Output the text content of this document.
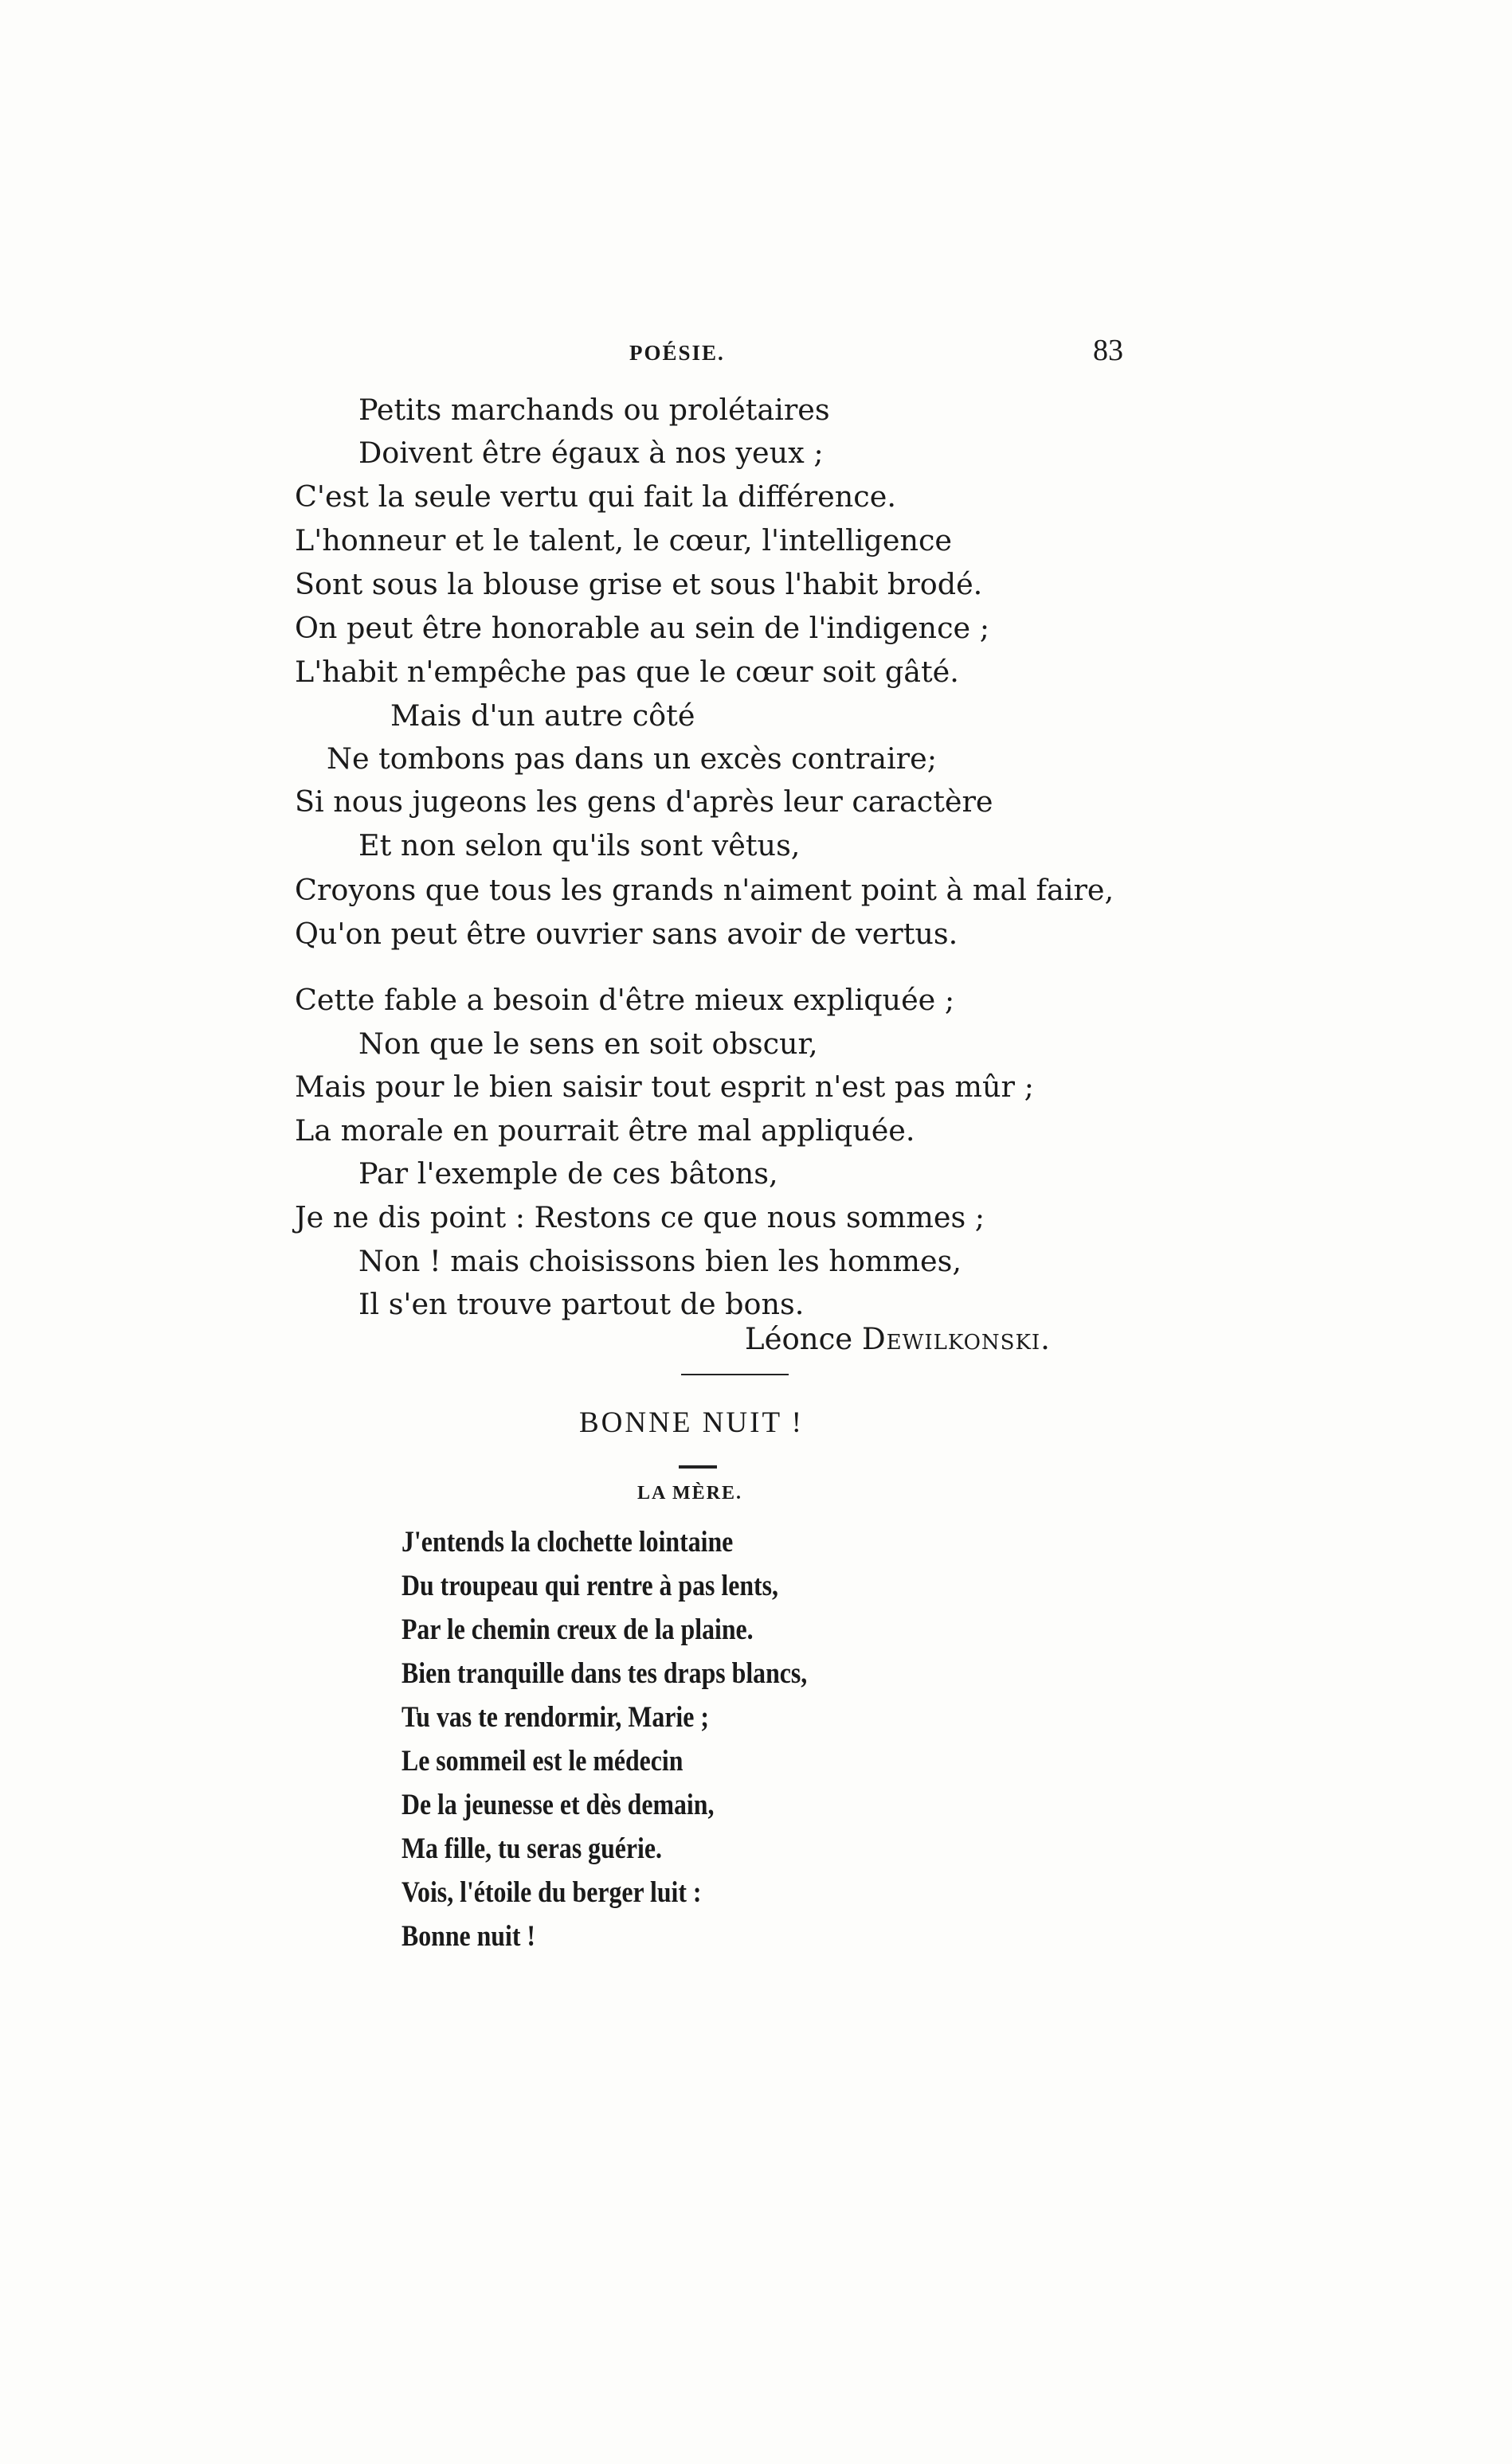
POÉSIE.	83
Petits marchands ou prolétaires
Doivent être égaux à nos yeux ;
C'est la seule vertu qui fait la différence.
L'honneur et le talent, le cœur, l'intelligence
Sont sous la blouse grise et sous l'habit brodé.
On peut être honorable au sein de l'indigence ;
L'habit n'empêche pas que le cœur soit gâté.
Mais d'un autre côté
Ne tombons pas dans un excès contraire;
Si nous jugeons les gens d'après leur caractère
Et non selon qu'ils sont vêtus,
Croyons que tous les grands n'aiment point à mal faire,
Qu'on peut être ouvrier sans avoir de vertus.
Cette fable a besoin d'être mieux expliquée ;
Non que le sens en soit obscur,
Mais pour le bien saisir tout esprit n'est pas mûr ;
La morale en pourrait être mal appliquée.
Par l'exemple de ces bâtons,
Je ne dis point : Restons ce que nous sommes ;
Non ! mais choisissons bien les hommes,
Il s'en trouve partout de bons.
Léonce Dewilkonski.
BONNE NUIT !
LA MÈRE.
J'entends la clochette lointaine
Du troupeau qui rentre à pas lents,
Par le chemin creux de la plaine.
Bien tranquille dans tes draps blancs,
Tu vas te rendormir, Marie ;
Le sommeil est le médecin
De la jeunesse et dès demain,
Ma fille, tu seras guérie.
Vois, l'étoile du berger luit :
Bonne nuit !
